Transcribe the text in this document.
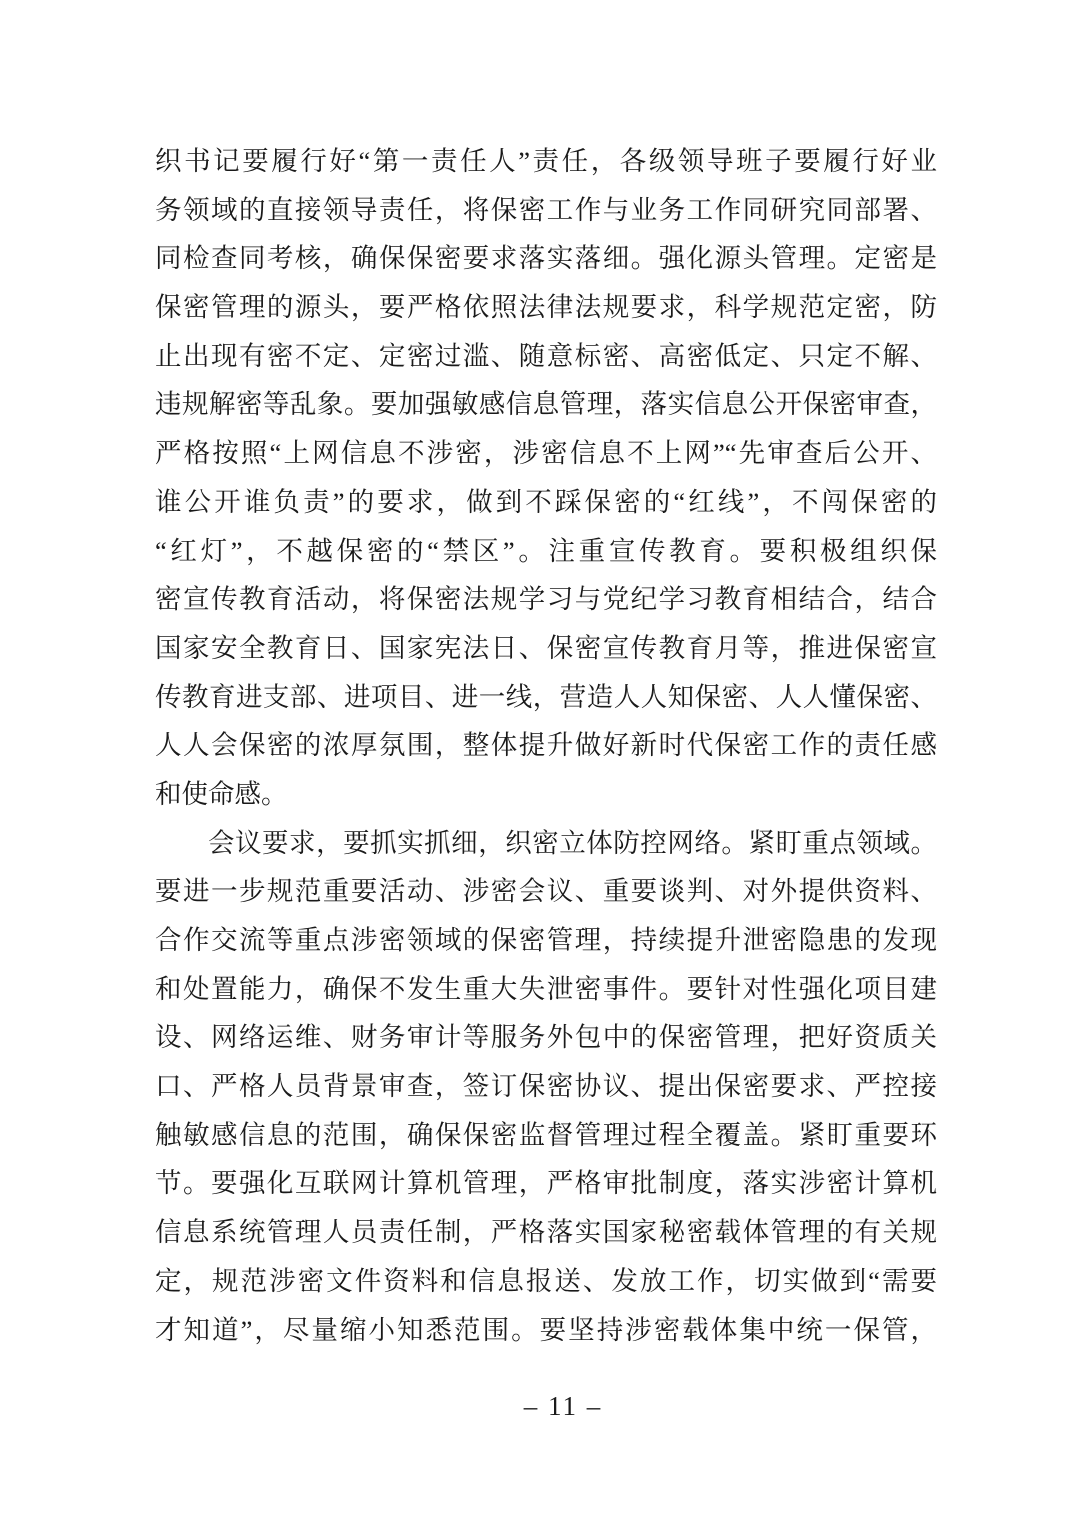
织书记要履行好“第一责任人”责任，各级领导班子要履行好业
务领域的直接领导责任，将保密工作与业务工作同研究同部署、
同检查同考核，确保保密要求落实落细。强化源头管理。定密是
保密管理的源头，要严格依照法律法规要求，科学规范定密，防
止出现有密不定、定密过滥、随意标密、高密低定、只定不解、
违规解密等乱象。要加强敏感信息管理，落实信息公开保密审查，
严格按照“上网信息不涉密，涉密信息不上网”“先审查后公开、
谁公开谁负责”的要求，做到不踩保密的“红线”，不闯保密的
“红灯”，不越保密的“禁区”。注重宣传教育。要积极组织保
密宣传教育活动，将保密法规学习与党纪学习教育相结合，结合
国家安全教育日、国家宪法日、保密宣传教育月等，推进保密宣
传教育进支部、进项目、进一线，营造人人知保密、人人懂保密、
人人会保密的浓厚氛围，整体提升做好新时代保密工作的责任感
和使命感。
会议要求，要抓实抓细，织密立体防控网络。紧盯重点领域。
要进一步规范重要活动、涉密会议、重要谈判、对外提供资料、
合作交流等重点涉密领域的保密管理，持续提升泄密隐患的发现
和处置能力，确保不发生重大失泄密事件。要针对性强化项目建
设、网络运维、财务审计等服务外包中的保密管理，把好资质关
口、严格人员背景审查，签订保密协议、提出保密要求、严控接
触敏感信息的范围，确保保密监督管理过程全覆盖。紧盯重要环
节。要强化互联网计算机管理，严格审批制度，落实涉密计算机
信息系统管理人员责任制，严格落实国家秘密载体管理的有关规
定，规范涉密文件资料和信息报送、发放工作，切实做到“需要
才知道”，尽量缩小知悉范围。要坚持涉密载体集中统一保管，
– 11 –
